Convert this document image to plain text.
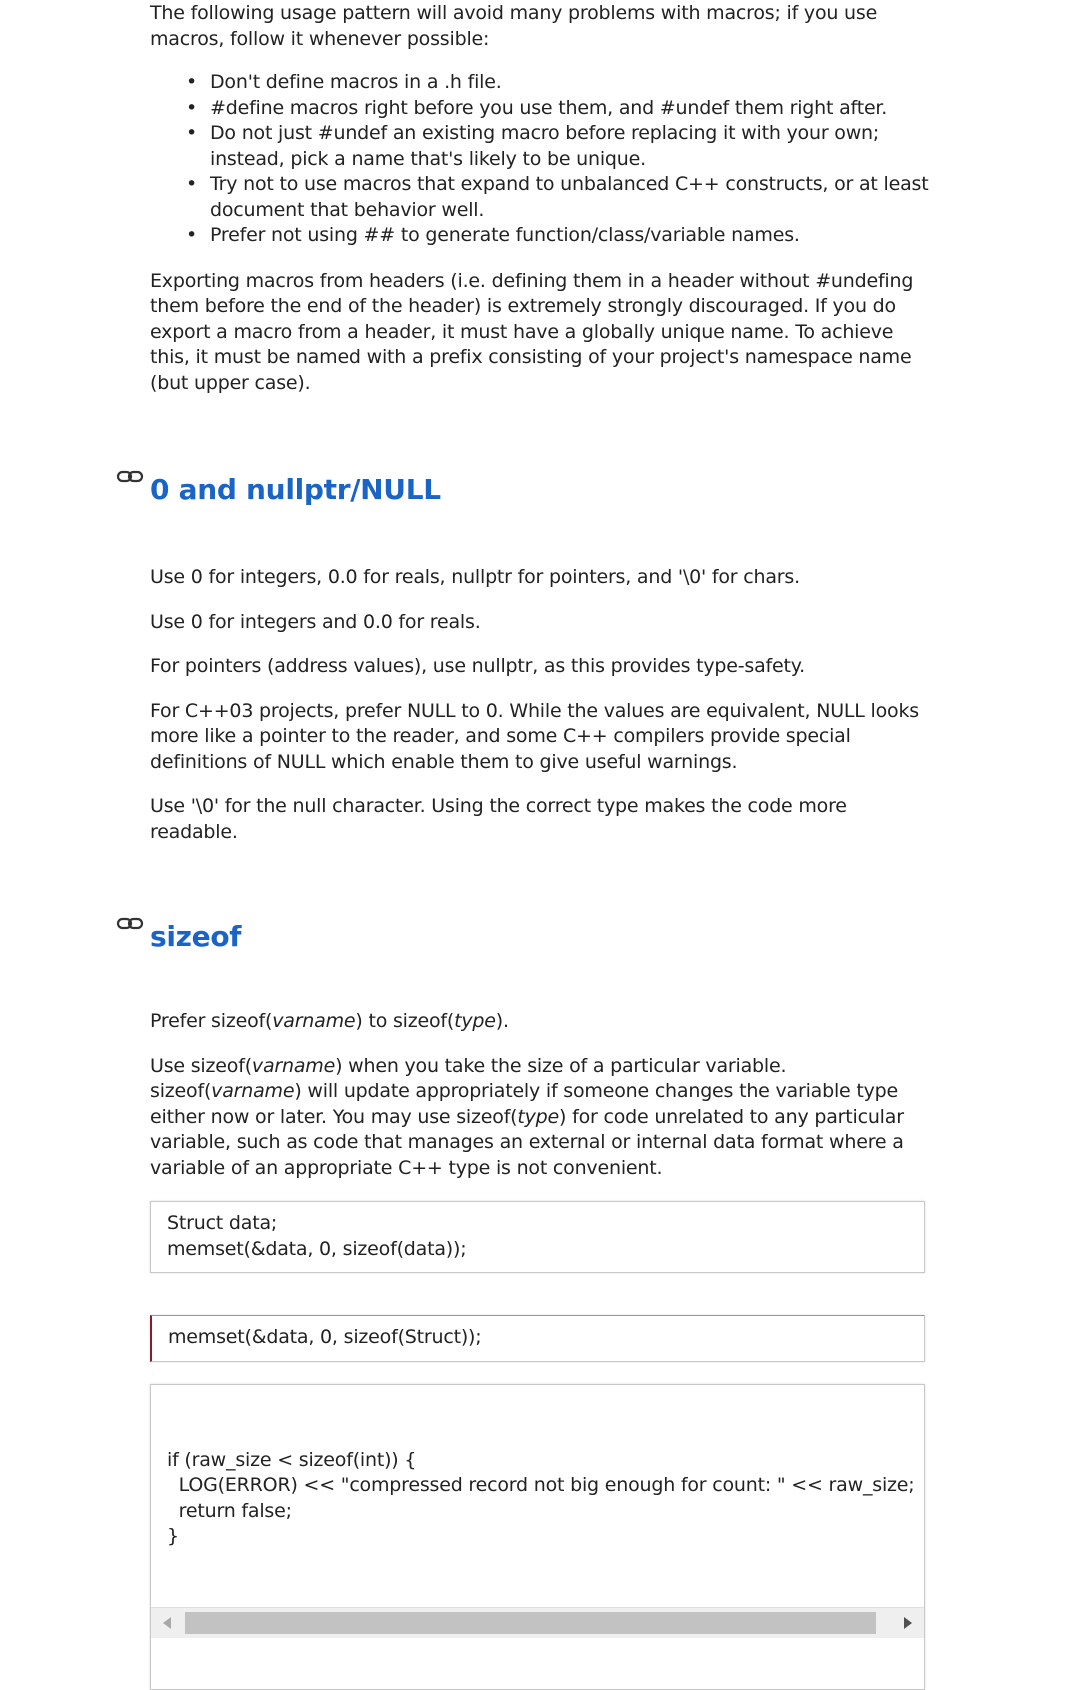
The following usage pattern will avoid many problems with macros; if you use macros, follow it whenever possible:

• Don't define macros in a .h file.
• #define macros right before you use them, and #undef them right after.
• Do not just #undef an existing macro before replacing it with your own; instead, pick a name that's likely to be unique.
• Try not to use macros that expand to unbalanced C++ constructs, or at least document that behavior well.
• Prefer not using ## to generate function/class/variable names.

Exporting macros from headers (i.e. defining them in a header without #undefing them before the end of the header) is extremely strongly discouraged. If you do export a macro from a header, it must have a globally unique name. To achieve this, it must be named with a prefix consisting of your project's namespace name (but upper case).

0 and nullptr/NULL

Use 0 for integers, 0.0 for reals, nullptr for pointers, and '\0' for chars.

Use 0 for integers and 0.0 for reals.

For pointers (address values), use nullptr, as this provides type-safety.

For C++03 projects, prefer NULL to 0. While the values are equivalent, NULL looks more like a pointer to the reader, and some C++ compilers provide special definitions of NULL which enable them to give useful warnings.

Use '\0' for the null character. Using the correct type makes the code more readable.

sizeof

Prefer sizeof(varname) to sizeof(type).

Use sizeof(varname) when you take the size of a particular variable. sizeof(varname) will update appropriately if someone changes the variable type either now or later. You may use sizeof(type) for code unrelated to any particular variable, such as code that manages an external or internal data format where a variable of an appropriate C++ type is not convenient.

Struct data;
memset(&data, 0, sizeof(data));
memset(&data, 0, sizeof(Struct));

if (raw_size < sizeof(int)) {
LOG(ERROR) << "compressed record not big enough for count: " << raw_size;
return false;
}
